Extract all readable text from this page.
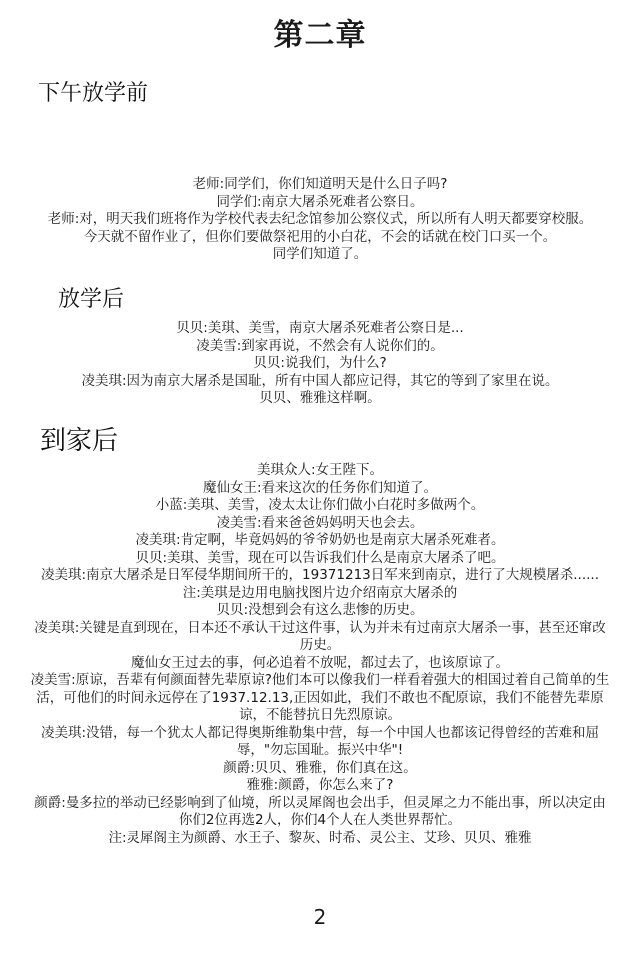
第二章
下午放学前
老师:同学们，你们知道明天是什么日子吗?
同学们:南京大屠杀死难者公察日。
老师:对，明天我们班将作为学校代表去纪念馆参加公察仪式，所以所有人明天都要穿校服。今天就不留作业了，但你们要做祭祀用的小白花，不会的话就在校门口买一个。
同学们知道了。
放学后
贝贝:美琪、美雪，南京大屠杀死难者公察日是...
凌美雪:到家再说，不然会有人说你们的。
贝贝:说我们，为什么?
凌美琪:因为南京大屠杀是国耻，所有中国人都应记得，其它的等到了家里在说。
贝贝、雅雅这样啊。
到家后
美琪众人:女王陛下。
魔仙女王:看来这次的任务你们知道了。
小蓝:美琪、美雪，凌太太让你们做小白花时多做两个。
凌美雪:看来爸爸妈妈明天也会去。
凌美琪:肯定啊，毕竟妈妈的爷爷奶奶也是南京大屠杀死难者。
贝贝:美琪、美雪，现在可以告诉我们什么是南京大屠杀了吧。
凌美琪:南京大屠杀是日军侵华期间所干的，19371213日军来到南京，进行了大规模屠杀......
注:美琪是边用电脑找图片边介绍南京大屠杀的
贝贝:没想到会有这么悲惨的历史。
凌美琪:关键是直到现在，日本还不承认干过这件事，认为并未有过南京大屠杀一事，甚至还窜改历史。
魔仙女王过去的事，何必追着不放呢，都过去了，也该原谅了。
凌美雪:原谅，吾辈有何颜面替先辈原谅?他们本可以像我们一样看着强大的相国过着自己简单的生活，可他们的时间永远停在了1937.12.13,正因如此，我们不敢也不配原谅，我们不能替先辈原谅，不能替抗日先烈原谅。
凌美琪:没错，每一个犹太人都记得奥斯维勒集中营，每一个中国人也都该记得曾经的苦难和屈辱，"勿忘国耻。振兴中华"!
颜爵:贝贝、雅雅，你们真在这。
雅雅:颜爵，你怎么来了?
颜爵:曼多拉的举动已经影响到了仙境，所以灵犀阁也会出手，但灵犀之力不能出事，所以决定由你们2位再选2人，你们4个人在人类世界帮忙。
注:灵犀阁主为颜爵、水王子、黎灰、时希、灵公主、艾珍、贝贝、雅雅
2
